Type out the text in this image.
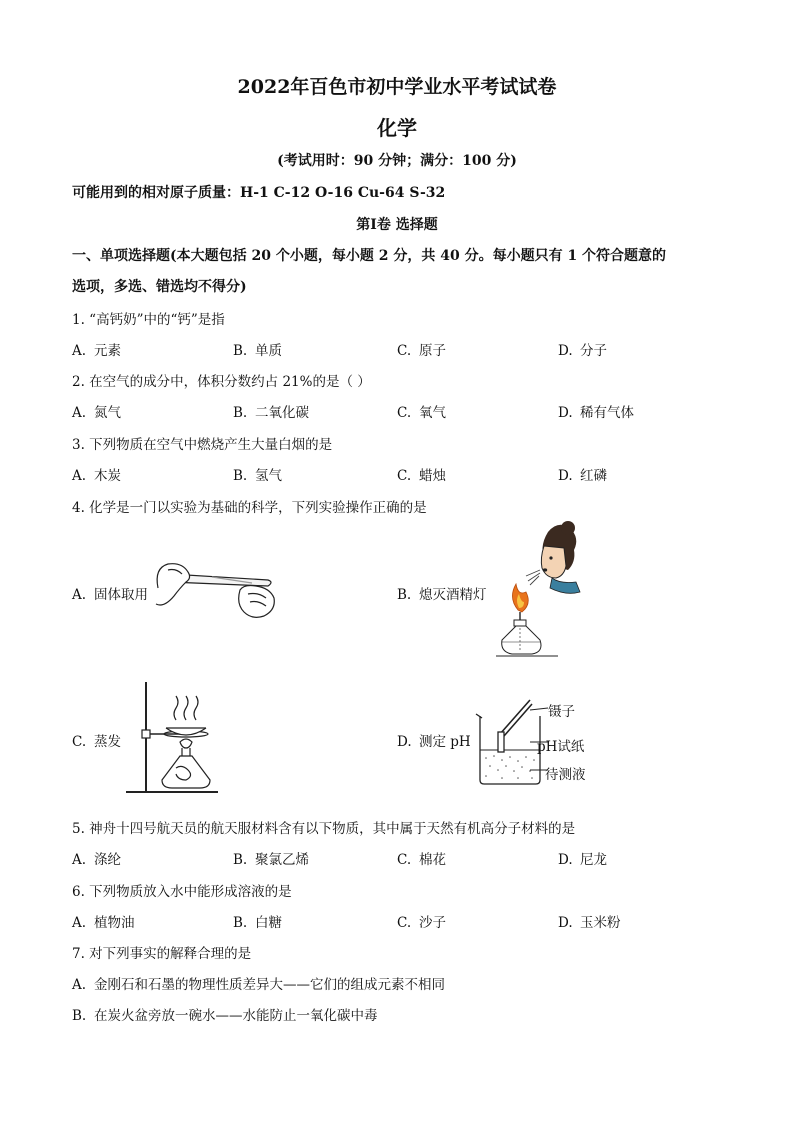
2022年百色市初中学业水平考试试卷
化学
(考试用时：90 分钟；满分：100 分)
可能用到的相对原子质量：H-1 C-12 O-16 Cu-64 S-32
第Ⅰ卷 选择题
一、单项选择题(本大题包括 20 个小题，每小题 2 分，共 40 分。每小题只有 1 个符合题意的
选项，多选、错选均不得分)
1. “高钙奶”中的“钙”是指
A. 元素	B. 单质	C. 原子	D. 分子
2. 在空气的成分中，体积分数约占 21%的是（ ）
A. 氮气	B. 二氧化碳	C. 氧气	D. 稀有气体
3. 下列物质在空气中燃烧产生大量白烟的是
A. 木炭	B. 氢气	C. 蜡烛	D. 红磷
4. 化学是一门以实验为基础的科学，下列实验操作正确的是
A. 固体取用	B. 熄灭酒精灯
C. 蒸发	D. 测定 pH
镊子
pH试纸
待测液
5. 神舟十四号航天员的航天服材料含有以下物质，其中属于天然有机高分子材料的是
A. 涤纶	B. 聚氯乙烯	C. 棉花	D. 尼龙
6. 下列物质放入水中能形成溶液的是
A. 植物油	B. 白糖	C. 沙子	D. 玉米粉
7. 对下列事实的解释合理的是
A. 金刚石和石墨的物理性质差异大——它们的组成元素不相同
B. 在炭火盆旁放一碗水——水能防止一氧化碳中毒
